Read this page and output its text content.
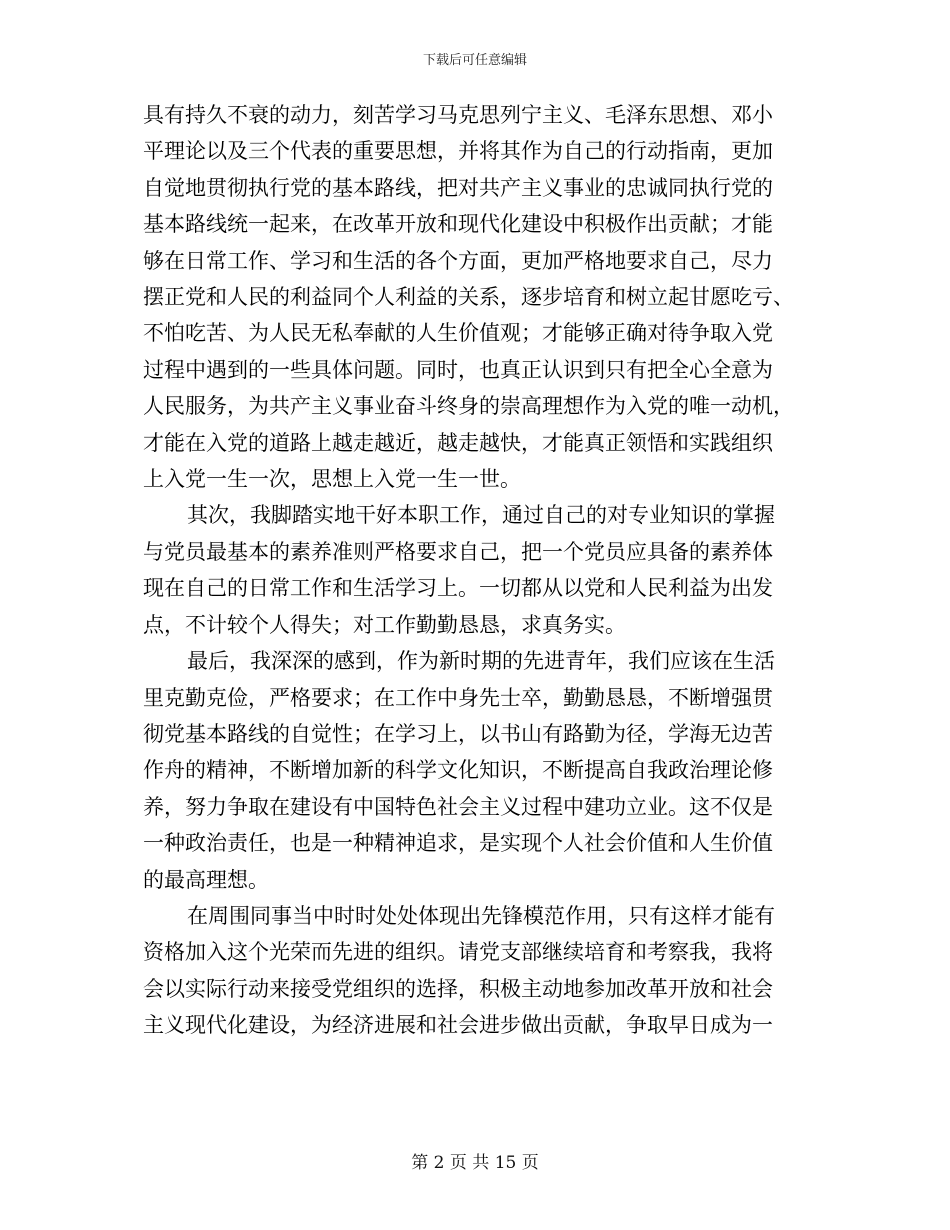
下载后可任意编辑

具有持久不衰的动力，刻苦学习马克思列宁主义、毛泽东思想、邓小
平理论以及三个代表的重要思想，并将其作为自己的行动指南，更加
自觉地贯彻执行党的基本路线，把对共产主义事业的忠诚同执行党的
基本路线统一起来，在改革开放和现代化建设中积极作出贡献；才能
够在日常工作、学习和生活的各个方面，更加严格地要求自己，尽力
摆正党和人民的利益同个人利益的关系，逐步培育和树立起甘愿吃亏、
不怕吃苦、为人民无私奉献的人生价值观；才能够正确对待争取入党
过程中遇到的一些具体问题。同时，也真正认识到只有把全心全意为
人民服务，为共产主义事业奋斗终身的崇高理想作为入党的唯一动机，
才能在入党的道路上越走越近，越走越快，才能真正领悟和实践组织
上入党一生一次，思想上入党一生一世。

其次，我脚踏实地干好本职工作，通过自己的对专业知识的掌握
与党员最基本的素养准则严格要求自己，把一个党员应具备的素养体
现在自己的日常工作和生活学习上。一切都从以党和人民利益为出发
点，不计较个人得失；对工作勤勤恳恳，求真务实。

最后，我深深的感到，作为新时期的先进青年，我们应该在生活
里克勤克俭，严格要求；在工作中身先士卒，勤勤恳恳，不断增强贯
彻党基本路线的自觉性；在学习上，以书山有路勤为径，学海无边苦
作舟的精神，不断增加新的科学文化知识，不断提高自我政治理论修
养，努力争取在建设有中国特色社会主义过程中建功立业。这不仅是
一种政治责任，也是一种精神追求，是实现个人社会价值和人生价值
的最高理想。

在周围同事当中时时处处体现出先锋模范作用，只有这样才能有
资格加入这个光荣而先进的组织。请党支部继续培育和考察我，我将
会以实际行动来接受党组织的选择，积极主动地参加改革开放和社会
主义现代化建设，为经济进展和社会进步做出贡献，争取早日成为一

第 2 页 共 15 页
